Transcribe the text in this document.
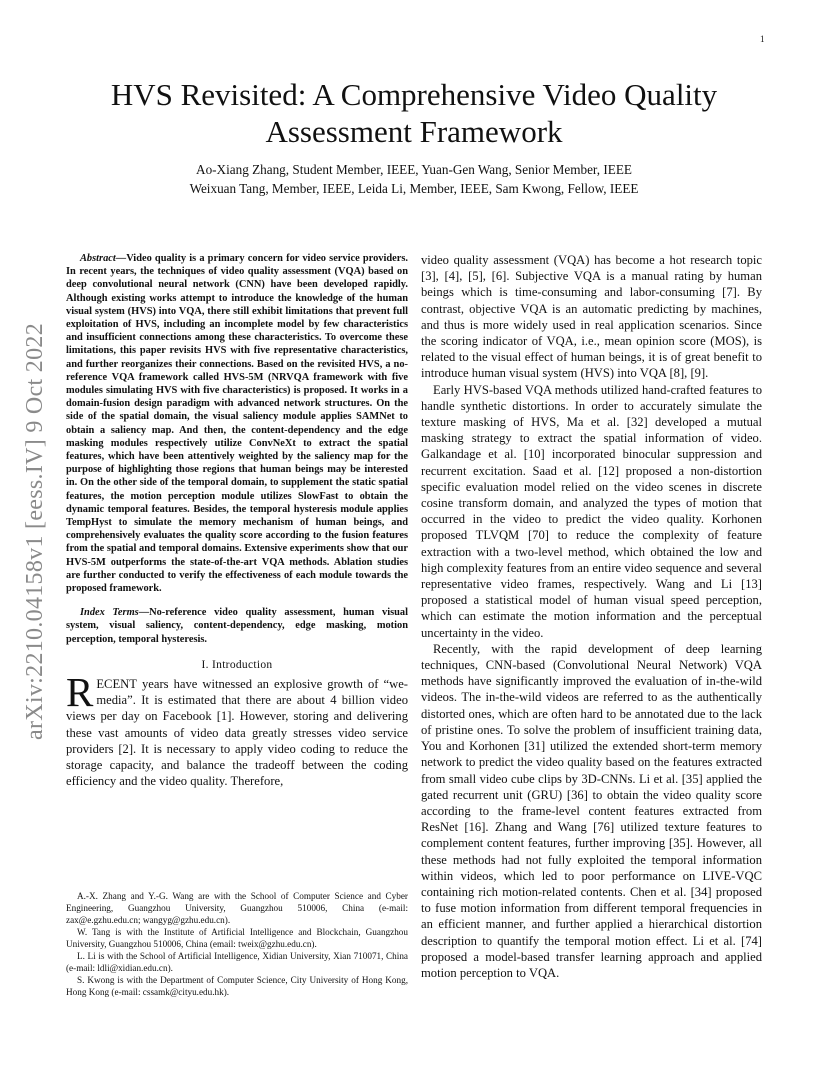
1
arXiv:2210.04158v1 [eess.IV] 9 Oct 2022
HVS Revisited: A Comprehensive Video Quality Assessment Framework
Ao-Xiang Zhang, Student Member, IEEE, Yuan-Gen Wang, Senior Member, IEEE
Weixuan Tang, Member, IEEE, Leida Li, Member, IEEE, Sam Kwong, Fellow, IEEE

Abstract—Video quality is a primary concern for video service providers. In recent years, the techniques of video quality assessment (VQA) based on deep convolutional neural network (CNN) have been developed rapidly. Although existing works attempt to introduce the knowledge of the human visual system (HVS) into VQA, there still exhibit limitations that prevent full exploitation of HVS, including an incomplete model by few characteristics and insufficient connections among these characteristics. To overcome these limitations, this paper revisits HVS with five representative characteristics, and further reorganizes their connections. Based on the revisited HVS, a no-reference VQA framework called HVS-5M (NRVQA framework with five modules simulating HVS with five characteristics) is proposed. It works in a domain-fusion design paradigm with advanced network structures. On the side of the spatial domain, the visual saliency module applies SAMNet to obtain a saliency map. And then, the content-dependency and the edge masking modules respectively utilize ConvNeXt to extract the spatial features, which have been attentively weighted by the saliency map for the purpose of highlighting those regions that human beings may be interested in. On the other side of the temporal domain, to supplement the static spatial features, the motion perception module utilizes SlowFast to obtain the dynamic temporal features. Besides, the temporal hysteresis module applies TempHyst to simulate the memory mechanism of human beings, and comprehensively evaluates the quality score according to the fusion features from the spatial and temporal domains. Extensive experiments show that our HVS-5M outperforms the state-of-the-art VQA methods. Ablation studies are further conducted to verify the effectiveness of each module towards the proposed framework.

Index Terms—No-reference video quality assessment, human visual system, visual saliency, content-dependency, edge masking, motion perception, temporal hysteresis.

I. Introduction

RECENT years have witnessed an explosive growth of “we-media”. It is estimated that there are about 4 billion video views per day on Facebook [1]. However, storing and delivering these vast amounts of video data greatly stresses video service providers [2]. It is necessary to apply video coding to reduce the storage capacity, and balance the tradeoff between the coding efficiency and the video quality. Therefore,

A.-X. Zhang and Y.-G. Wang are with the School of Computer Science and Cyber Engineering, Guangzhou University, Guangzhou 510006, China (e-mail: zax@e.gzhu.edu.cn; wangyg@gzhu.edu.cn).

W. Tang is with the Institute of Artificial Intelligence and Blockchain, Guangzhou University, Guangzhou 510006, China (email: tweix@gzhu.edu.cn).

L. Li is with the School of Artificial Intelligence, Xidian University, Xian 710071, China (e-mail: ldli@xidian.edu.cn).

S. Kwong is with the Department of Computer Science, City University of Hong Kong, Hong Kong (e-mail: cssamk@cityu.edu.hk).

video quality assessment (VQA) has become a hot research topic [3], [4], [5], [6]. Subjective VQA is a manual rating by human beings which is time-consuming and labor-consuming [7]. By contrast, objective VQA is an automatic predicting by machines, and thus is more widely used in real application scenarios. Since the scoring indicator of VQA, i.e., mean opinion score (MOS), is related to the visual effect of human beings, it is of great benefit to introduce human visual system (HVS) into VQA [8], [9].

Early HVS-based VQA methods utilized hand-crafted features to handle synthetic distortions. In order to accurately simulate the texture masking of HVS, Ma et al. [32] developed a mutual masking strategy to extract the spatial information of video. Galkandage et al. [10] incorporated binocular suppression and recurrent excitation. Saad et al. [12] proposed a non-distortion specific evaluation model relied on the video scenes in discrete cosine transform domain, and analyzed the types of motion that occurred in the video to predict the video quality. Korhonen proposed TLVQM [70] to reduce the complexity of feature extraction with a two-level method, which obtained the low and high complexity features from an entire video sequence and several representative video frames, respectively. Wang and Li [13] proposed a statistical model of human visual speed perception, which can estimate the motion information and the perceptual uncertainty in the video.

Recently, with the rapid development of deep learning techniques, CNN-based (Convolutional Neural Network) VQA methods have significantly improved the evaluation of in-the-wild videos. The in-the-wild videos are referred to as the authentically distorted ones, which are often hard to be annotated due to the lack of pristine ones. To solve the problem of insufficient training data, You and Korhonen [31] utilized the extended short-term memory network to predict the video quality based on the features extracted from small video cube clips by 3D-CNNs. Li et al. [35] applied the gated recurrent unit (GRU) [36] to obtain the video quality score according to the frame-level content features extracted from ResNet [16]. Zhang and Wang [76] utilized texture features to complement content features, further improving [35]. However, all these methods had not fully exploited the temporal information within videos, which led to poor performance on LIVE-VQC containing rich motion-related contents. Chen et al. [34] proposed to fuse motion information from different temporal frequencies in an efficient manner, and further applied a hierarchical distortion description to quantify the temporal motion effect. Li et al. [74] proposed a model-based transfer learning approach and applied motion perception to VQA.
